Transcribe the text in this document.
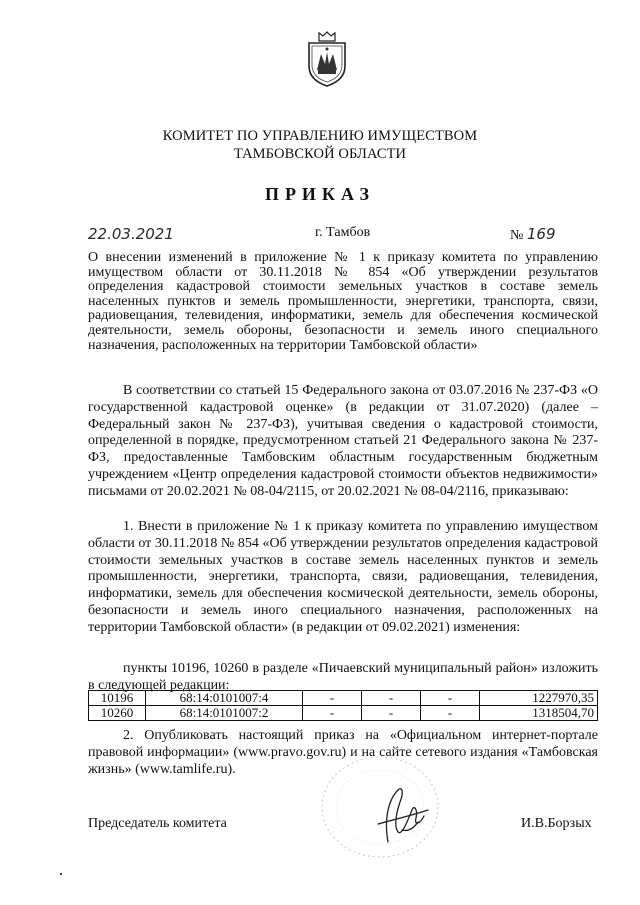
КОМИТЕТ ПО УПРАВЛЕНИЮ ИМУЩЕСТВОМ
ТАМБОВСКОЙ ОБЛАСТИ
ПРИКАЗ
22.03.2021	г. Тамбов	№ 169
О внесении изменений в приложение № 1 к приказу комитета по управлению имуществом области от 30.11.2018 № 854 «Об утверждении результатов определения кадастровой стоимости земельных участков в составе земель населенных пунктов и земель промышленности, энергетики, транспорта, связи, радиовещания, телевидения, информатики, земель для обеспечения космической деятельности, земель обороны, безопасности и земель иного специального назначения, расположенных на территории Тамбовской области»
В соответствии со статьей 15 Федерального закона от 03.07.2016 № 237-ФЗ «О государственной кадастровой оценке» (в редакции от 31.07.2020) (далее – Федеральный закон № 237-ФЗ), учитывая сведения о кадастровой стоимости, определенной в порядке, предусмотренном статьей 21 Федерального закона № 237-ФЗ, предоставленные Тамбовским областным государственным бюджетным учреждением «Центр определения кадастровой стоимости объектов недвижимости» письмами от 20.02.2021 № 08-04/2115, от 20.02.2021 № 08-04/2116, приказываю:
1. Внести в приложение № 1 к приказу комитета по управлению имуществом области от 30.11.2018 № 854 «Об утверждении результатов определения кадастровой стоимости земельных участков в составе земель населенных пунктов и земель промышленности, энергетики, транспорта, связи, радиовещания, телевидения, информатики, земель для обеспечения космической деятельности, земель обороны, безопасности и земель иного специального назначения, расположенных на территории Тамбовской области» (в редакции от 09.02.2021) изменения:
пункты 10196, 10260 в разделе «Пичаевский муниципальный район» изложить в следующей редакции:
10196	68:14:0101007:4	-	-	-	1227970,35
10260	68:14:0101007:2	-	-	-	1318504,70
2. Опубликовать настоящий приказ на «Официальном интернет-портале правовой информации» (www.pravo.gov.ru) и на сайте сетевого издания «Тамбовская жизнь» (www.tamlife.ru).
Председатель комитета	И.В.Борзых
